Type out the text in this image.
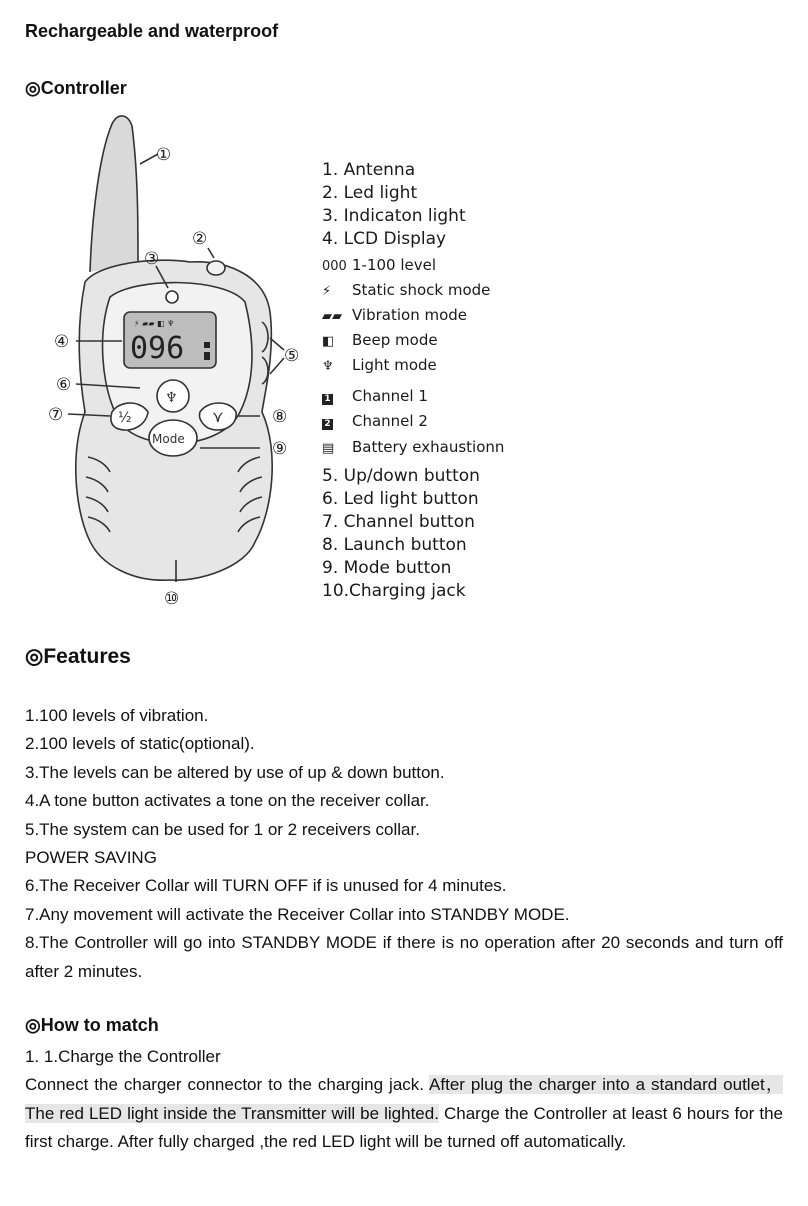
Rechargeable and waterproof
◎Controller
096
⚡ ▰▰ ◧ ♆
½
Mode
♆
⋎
①
②
③
④
⑤
⑥
⑦	⑧
⑨
⑩
1. Antenna
2. Led light
3. Indicaton light
4. LCD Display
000 1-100 level
⚡ Static shock mode
▰▰ Vibration mode
◧ Beep mode
♆ Light mode
1 Channel 1
2 Channel 2
▤ Battery exhaustionn
5. Up/down button
6. Led light button
7. Channel button
8. Launch button
9. Mode button
10.Charging jack
◎Features

1.100 levels of vibration.

2.100 levels of static(optional).

3.The levels can be altered by use of up & down button.

4.A tone button activates a tone on the receiver collar.

5.The system can be used for 1 or 2 receivers collar.

POWER SAVING

6.The Receiver Collar will TURN OFF if is unused for 4 minutes.

7.Any movement will activate the Receiver Collar into STANDBY MODE.

8.The Controller will go into STANDBY MODE if there is no operation after 20 seconds and turn off after 2 minutes.

◎How to match

1. 1.Charge the Controller

Connect the charger connector to the charging jack. After plug the charger into a standard outlet， The red LED light inside the Transmitter will be lighted. Charge the Controller at least 6 hours for the first charge. After fully charged ,the red LED light will be turned off automatically.
